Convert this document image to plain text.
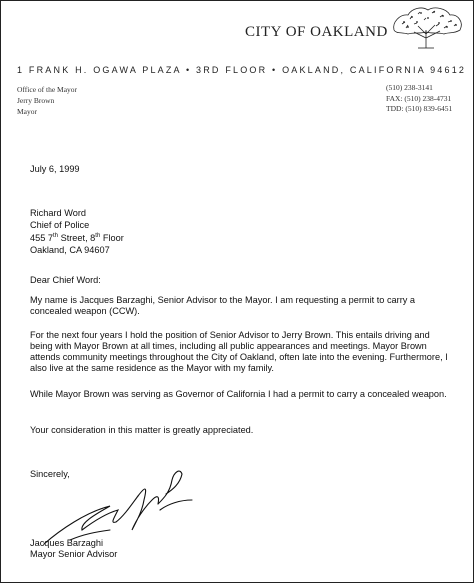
CITY OF OAKLAND
1 FRANK H. OGAWA PLAZA • 3RD FLOOR • OAKLAND, CALIFORNIA 94612
Office of the Mayor
Jerry Brown
Mayor
(510) 238-3141
FAX: (510) 238-4731
TDD: (510) 839-6451
July 6, 1999
Richard Word
Chief of Police
455 7th Street, 8th Floor
Oakland, CA 94607
Dear Chief Word:
My name is Jacques Barzaghi, Senior Advisor to the Mayor. I am requesting a permit to carry a concealed weapon (CCW).
For the next four years I hold the position of Senior Advisor to Jerry Brown. This entails driving and being with Mayor Brown at all times, including all public appearances and meetings. Mayor Brown attends community meetings throughout the City of Oakland, often late into the evening. Furthermore, I also live at the same residence as the Mayor with my family.
While Mayor Brown was serving as Governor of California I had a permit to carry a concealed weapon.
Your consideration in this matter is greatly appreciated.
Sincerely,
Jacques Barzaghi
Mayor Senior Advisor
